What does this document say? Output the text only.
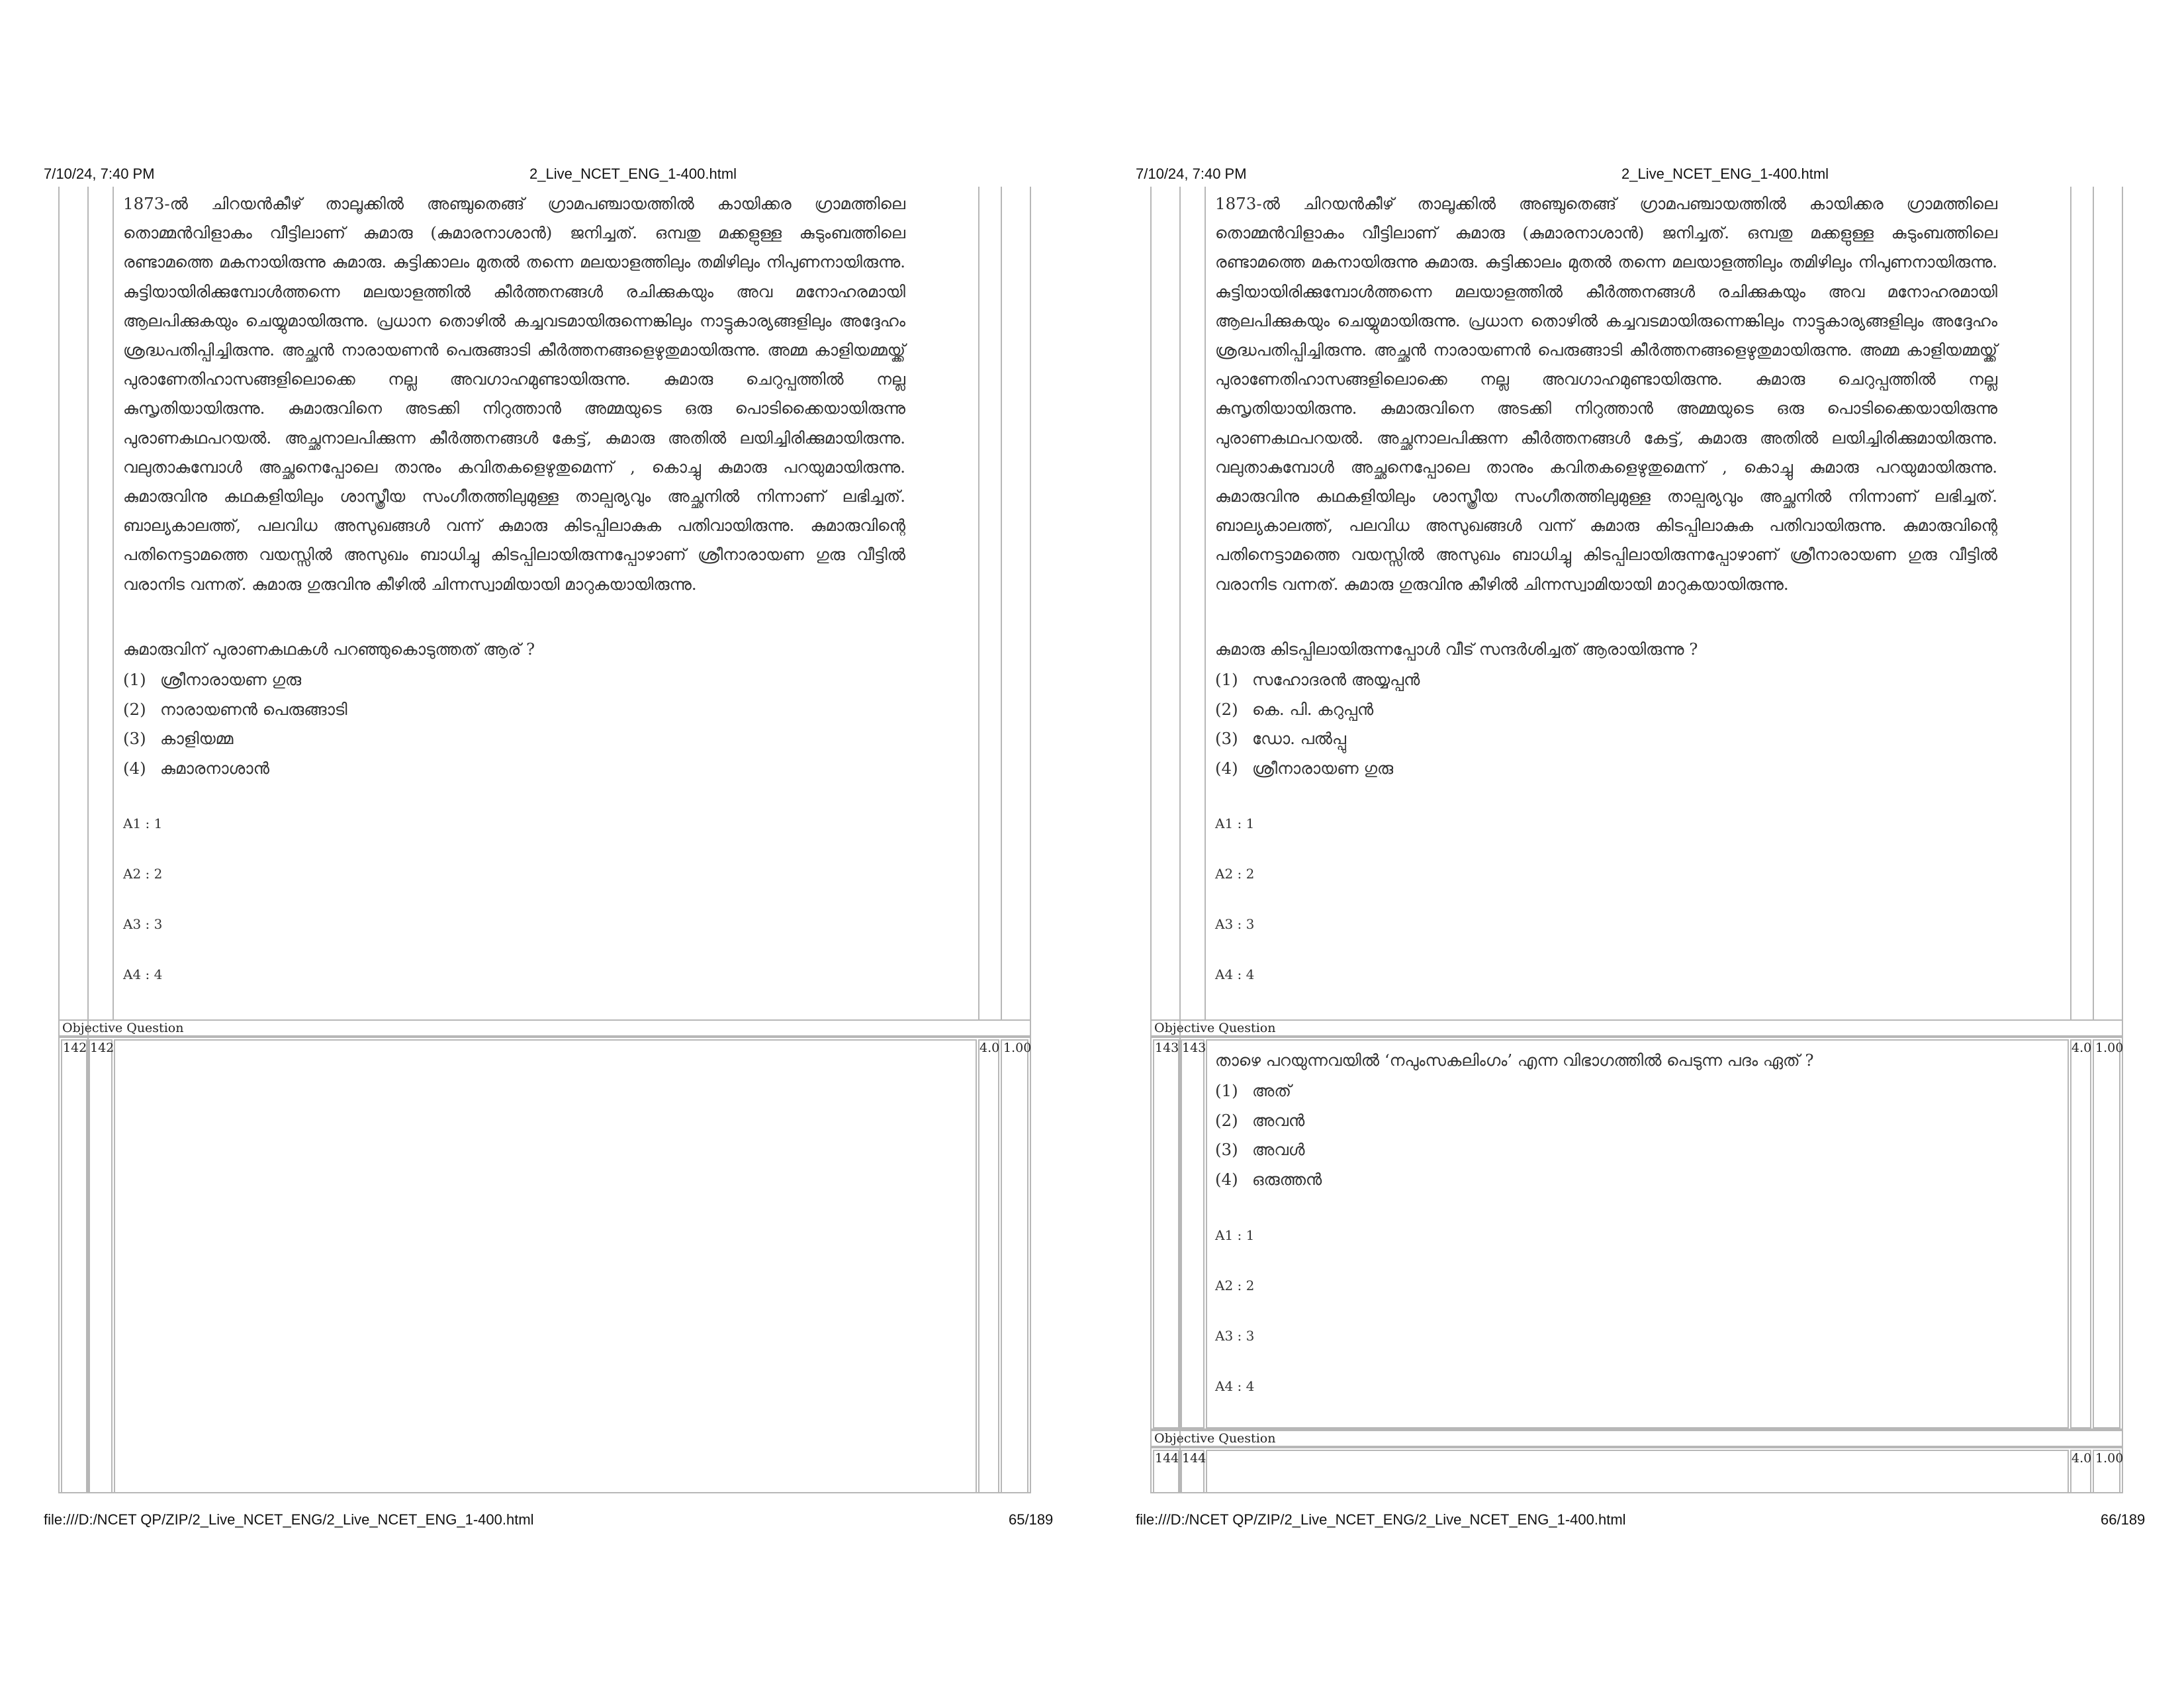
7/10/24, 7:40 PM	2_Live_NCET_ENG_1-400.html
1873-ൽ ചിറയൻകീഴ് താലൂക്കിൽ അഞ്ചുതെങ്ങ് ഗ്രാമപഞ്ചായത്തിൽ കായിക്കര ഗ്രാമത്തിലെ തൊമ്മൻവിളാകം വീട്ടിലാണ് കുമാരു (കുമാരനാശാൻ) ജനിച്ചത്. ഒമ്പതു മക്കളുള്ള കുടുംബത്തിലെ രണ്ടാമത്തെ മകനായിരുന്നു കുമാരു. കുട്ടിക്കാലം മുതൽ തന്നെ മലയാളത്തിലും തമിഴിലും നിപുണനായിരുന്നു. കുട്ടിയായിരിക്കുമ്പോൾത്തന്നെ മലയാളത്തിൽ കീർത്തനങ്ങൾ രചിക്കുകയും അവ മനോഹരമായി ആലപിക്കുകയും ചെയ്യുമായിരുന്നു. പ്രധാന തൊഴിൽ കച്ചവടമായിരുന്നെങ്കിലും നാട്ടുകാര്യങ്ങളിലും അദ്ദേഹം ശ്രദ്ധപതിപ്പിച്ചിരുന്നു. അച്ഛൻ നാരായണൻ പെരുങ്ങാടി കീർത്തനങ്ങളെഴുതുമായിരുന്നു. അമ്മ കാളിയമ്മയ്ക്ക് പുരാണേതിഹാസങ്ങളിലൊക്കെ നല്ല അവഗാഹമുണ്ടായിരുന്നു. കുമാരു ചെറുപ്പത്തിൽ നല്ല കുസൃതിയായിരുന്നു. കുമാരുവിനെ അടക്കി നിറുത്താൻ അമ്മയുടെ ഒരു പൊടിക്കൈയായിരുന്നു പുരാണകഥപറയൽ. അച്ഛനാലപിക്കുന്ന കീർത്തനങ്ങൾ കേട്ട്, കുമാരു അതിൽ ലയിച്ചിരിക്കുമായിരുന്നു. വലുതാകുമ്പോൾ അച്ഛനെപ്പോലെ താനും കവിതകളെഴുതുമെന്ന് , കൊച്ചു കുമാരു പറയുമായിരുന്നു. കുമാരുവിനു കഥകളിയിലും ശാസ്ത്രീയ സംഗീതത്തിലുമുള്ള താല്പര്യവും അച്ഛനിൽ നിന്നാണ് ലഭിച്ചത്. ബാല്യകാലത്ത്, പലവിധ അസുഖങ്ങൾ വന്ന് കുമാരു കിടപ്പിലാകുക പതിവായിരുന്നു. കുമാരുവിന്റെ പതിനെട്ടാമത്തെ വയസ്സിൽ അസുഖം ബാധിച്ചു കിടപ്പിലായിരുന്നപ്പോഴാണ് ശ്രീനാരായണ ഗുരു വീട്ടിൽ വരാനിട വന്നത്. കുമാരു ഗുരുവിനു കീഴിൽ ചിന്നസ്വാമിയായി മാറുകയായിരുന്നു.
കുമാരുവിന് പുരാണകഥകൾ പറഞ്ഞുകൊടുത്തത് ആര് ?
(1) ശ്രീനാരായണ ഗുരു
(2) നാരായണൻ പെരുങ്ങാടി
(3) കാളിയമ്മ
(4) കുമാരനാശാൻ
A1 : 1
A2 : 2
A3 : 3
A4 : 4
Objective Question
142 142	4.0 1.00
file:///D:/NCET QP/ZIP/2_Live_NCET_ENG/2_Live_NCET_ENG_1-400.html	65/189
7/10/24, 7:40 PM	2_Live_NCET_ENG_1-400.html
1873-ൽ ചിറയൻകീഴ് താലൂക്കിൽ അഞ്ചുതെങ്ങ് ഗ്രാമപഞ്ചായത്തിൽ കായിക്കര ഗ്രാമത്തിലെ തൊമ്മൻവിളാകം വീട്ടിലാണ് കുമാരു (കുമാരനാശാൻ) ജനിച്ചത്. ഒമ്പതു മക്കളുള്ള കുടുംബത്തിലെ രണ്ടാമത്തെ മകനായിരുന്നു കുമാരു. കുട്ടിക്കാലം മുതൽ തന്നെ മലയാളത്തിലും തമിഴിലും നിപുണനായിരുന്നു. കുട്ടിയായിരിക്കുമ്പോൾത്തന്നെ മലയാളത്തിൽ കീർത്തനങ്ങൾ രചിക്കുകയും അവ മനോഹരമായി ആലപിക്കുകയും ചെയ്യുമായിരുന്നു. പ്രധാന തൊഴിൽ കച്ചവടമായിരുന്നെങ്കിലും നാട്ടുകാര്യങ്ങളിലും അദ്ദേഹം ശ്രദ്ധപതിപ്പിച്ചിരുന്നു. അച്ഛൻ നാരായണൻ പെരുങ്ങാടി കീർത്തനങ്ങളെഴുതുമായിരുന്നു. അമ്മ കാളിയമ്മയ്ക്ക് പുരാണേതിഹാസങ്ങളിലൊക്കെ നല്ല അവഗാഹമുണ്ടായിരുന്നു. കുമാരു ചെറുപ്പത്തിൽ നല്ല കുസൃതിയായിരുന്നു. കുമാരുവിനെ അടക്കി നിറുത്താൻ അമ്മയുടെ ഒരു പൊടിക്കൈയായിരുന്നു പുരാണകഥപറയൽ. അച്ഛനാലപിക്കുന്ന കീർത്തനങ്ങൾ കേട്ട്, കുമാരു അതിൽ ലയിച്ചിരിക്കുമായിരുന്നു. വലുതാകുമ്പോൾ അച്ഛനെപ്പോലെ താനും കവിതകളെഴുതുമെന്ന് , കൊച്ചു കുമാരു പറയുമായിരുന്നു. കുമാരുവിനു കഥകളിയിലും ശാസ്ത്രീയ സംഗീതത്തിലുമുള്ള താല്പര്യവും അച്ഛനിൽ നിന്നാണ് ലഭിച്ചത്. ബാല്യകാലത്ത്, പലവിധ അസുഖങ്ങൾ വന്ന് കുമാരു കിടപ്പിലാകുക പതിവായിരുന്നു. കുമാരുവിന്റെ പതിനെട്ടാമത്തെ വയസ്സിൽ അസുഖം ബാധിച്ചു കിടപ്പിലായിരുന്നപ്പോഴാണ് ശ്രീനാരായണ ഗുരു വീട്ടിൽ വരാനിട വന്നത്. കുമാരു ഗുരുവിനു കീഴിൽ ചിന്നസ്വാമിയായി മാറുകയായിരുന്നു.
കുമാരു കിടപ്പിലായിരുന്നപ്പോൾ വീട് സന്ദർശിച്ചത് ആരായിരുന്നു ?
(1) സഹോദരൻ അയ്യപ്പൻ
(2) കെ. പി. കറുപ്പൻ
(3) ഡോ. പൽപ്പു
(4) ശ്രീനാരായണ ഗുരു
A1 : 1
A2 : 2
A3 : 3
A4 : 4
Objective Question
143 143	4.0 1.00
താഴെ പറയുന്നവയിൽ ‘നപുംസകലിംഗം’ എന്ന വിഭാഗത്തിൽ പെടുന്ന പദം ഏത് ?
(1) അത്
(2) അവൻ
(3) അവൾ
(4) ഒരുത്തൻ
A1 : 1
A2 : 2
A3 : 3
A4 : 4
Objective Question
144 144	4.0 1.00
file:///D:/NCET QP/ZIP/2_Live_NCET_ENG/2_Live_NCET_ENG_1-400.html	66/189
